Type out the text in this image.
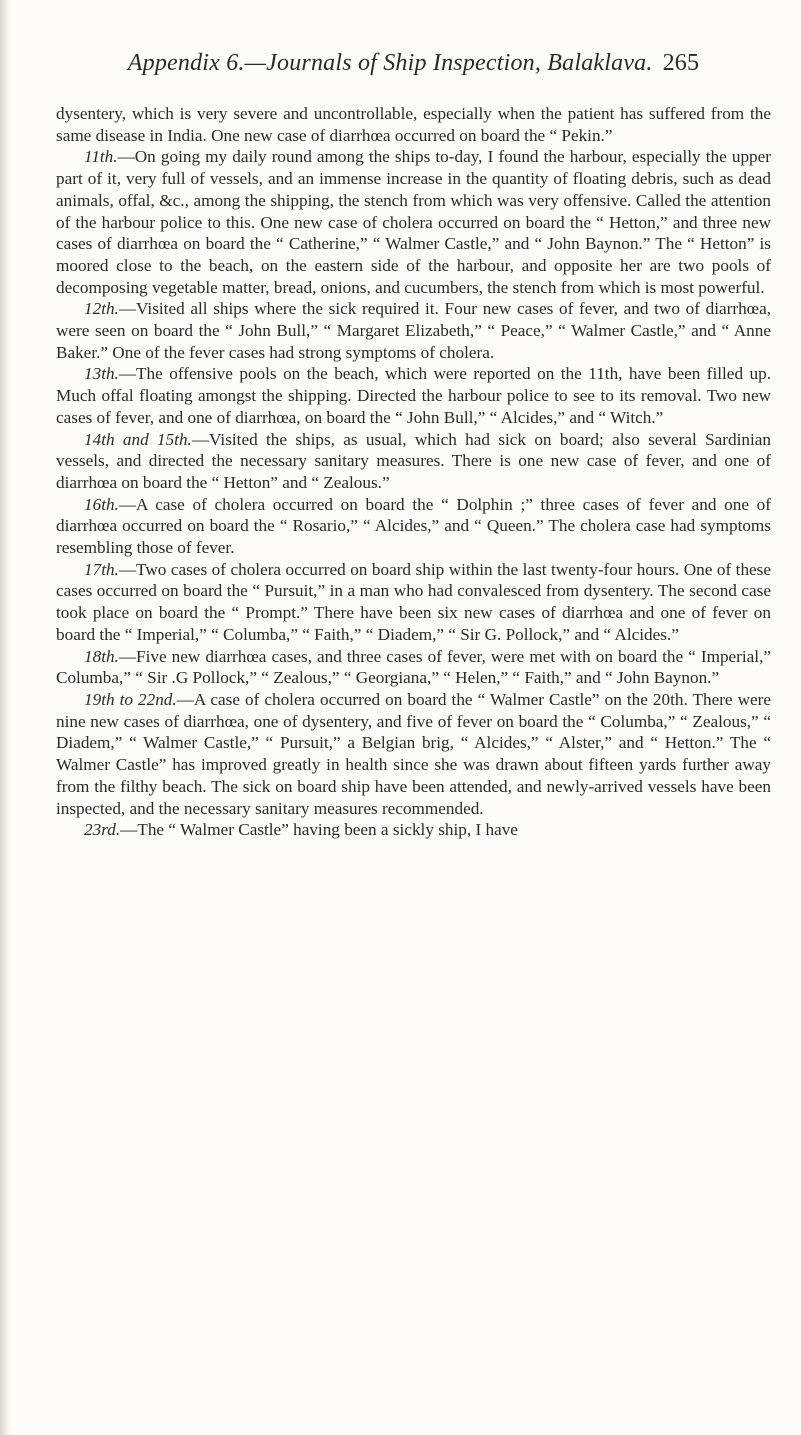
Appendix 6.—Journals of Ship Inspection, Balaklava. 265

dysentery, which is very severe and uncontrollable, especially when the patient has suffered from the same disease in India. One new case of diarrhœa occurred on board the “ Pekin.”

11th.—On going my daily round among the ships to-day, I found the harbour, especially the upper part of it, very full of vessels, and an immense increase in the quantity of floating debris, such as dead animals, offal, &c., among the shipping, the stench from which was very offensive. Called the attention of the harbour police to this. One new case of cholera occurred on board the “ Hetton,” and three new cases of diarrhœa on board the “ Catherine,” “ Walmer Castle,” and “ John Baynon.” The “ Hetton” is moored close to the beach, on the eastern side of the harbour, and opposite her are two pools of decomposing vegetable matter, bread, onions, and cucumbers, the stench from which is most powerful.

12th.—Visited all ships where the sick required it. Four new cases of fever, and two of diarrhœa, were seen on board the “ John Bull,” “ Margaret Elizabeth,” “ Peace,” “ Walmer Castle,” and “ Anne Baker.” One of the fever cases had strong symptoms of cholera.

13th.—The offensive pools on the beach, which were reported on the 11th, have been filled up. Much offal floating amongst the shipping. Directed the harbour police to see to its removal. Two new cases of fever, and one of diarrhœa, on board the “ John Bull,” “ Alcides,” and “ Witch.”

14th and 15th.—Visited the ships, as usual, which had sick on board; also several Sardinian vessels, and directed the necessary sanitary measures. There is one new case of fever, and one of diarrhœa on board the “ Hetton” and “ Zealous.”

16th.—A case of cholera occurred on board the “ Dolphin ;” three cases of fever and one of diarrhœa occurred on board the “ Rosario,” “ Alcides,” and “ Queen.” The cholera case had symptoms resembling those of fever.

17th.—Two cases of cholera occurred on board ship within the last twenty-four hours. One of these cases occurred on board the “ Pursuit,” in a man who had convalesced from dysentery. The second case took place on board the “ Prompt.” There have been six new cases of diarrhœa and one of fever on board the “ Imperial,” “ Columba,” “ Faith,” “ Diadem,” “ Sir G. Pollock,” and “ Alcides.”

18th.—Five new diarrhœa cases, and three cases of fever, were met with on board the “ Imperial,” Columba,” “ Sir .G Pollock,” “ Zealous,” “ Georgiana,” “ Helen,” “ Faith,” and “ John Baynon.”

19th to 22nd.—A case of cholera occurred on board the “ Walmer Castle” on the 20th. There were nine new cases of diarrhœa, one of dysentery, and five of fever on board the “ Columba,” “ Zealous,” “ Diadem,” “ Walmer Castle,” “ Pursuit,” a Belgian brig, “ Alcides,” “ Alster,” and “ Hetton.” The “ Walmer Castle” has improved greatly in health since she was drawn about fifteen yards further away from the filthy beach. The sick on board ship have been attended, and newly-arrived vessels have been inspected, and the necessary sanitary measures recommended.

23rd.—The “ Walmer Castle” having been a sickly ship, I have
